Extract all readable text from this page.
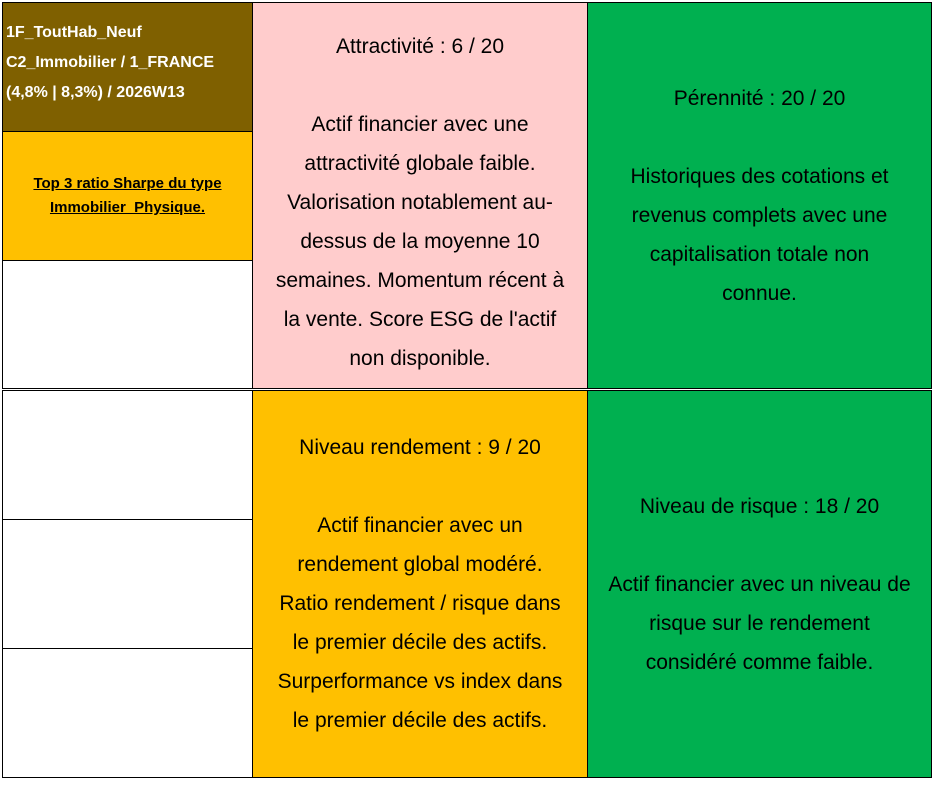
1F_ToutHab_Neuf
C2_Immobilier / 1_FRANCE
(4,8% | 8,3%) / 2026W13
Top 3 ratio Sharpe du type
Immobilier_Physique.
Attractivité : 6 / 20
Actif financier avec une
attractivité globale faible.
Valorisation notablement au-
dessus de la moyenne 10
semaines. Momentum récent à
la vente. Score ESG de l'actif
non disponible.
Pérennité : 20 / 20
Historiques des cotations et
revenus complets avec une
capitalisation totale non
connue.
Niveau rendement : 9 / 20
Actif financier avec un
rendement global modéré.
Ratio rendement / risque dans
le premier décile des actifs.
Surperformance vs index dans
le premier décile des actifs.
Niveau de risque : 18 / 20
Actif financier avec un niveau de
risque sur le rendement
considéré comme faible.
